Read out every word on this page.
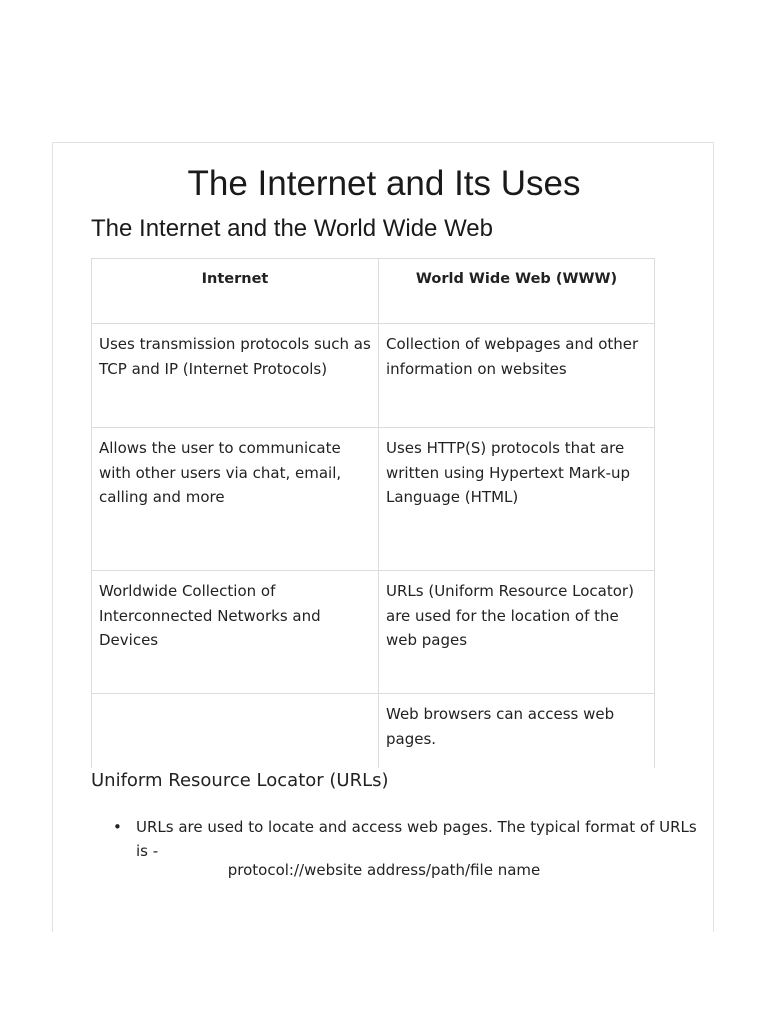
The Internet and Its Uses
The Internet and the World Wide Web
Internet	World Wide Web (WWW)
Uses transmission protocols such as TCP and IP (Internet Protocols)	Collection of webpages and other information on websites
Allows the user to communicate with other users via chat, email, calling and more	Uses HTTP(S) protocols that are written using Hypertext Mark-up Language (HTML)
Worldwide Collection of Interconnected Networks and Devices	URLs (Uniform Resource Locator) are used for the location of the web pages
	Web browsers can access web pages.
Uniform Resource Locator (URLs)
• URLs are used to locate and access web pages. The typical format of URLs is -
protocol://website address/path/file name
